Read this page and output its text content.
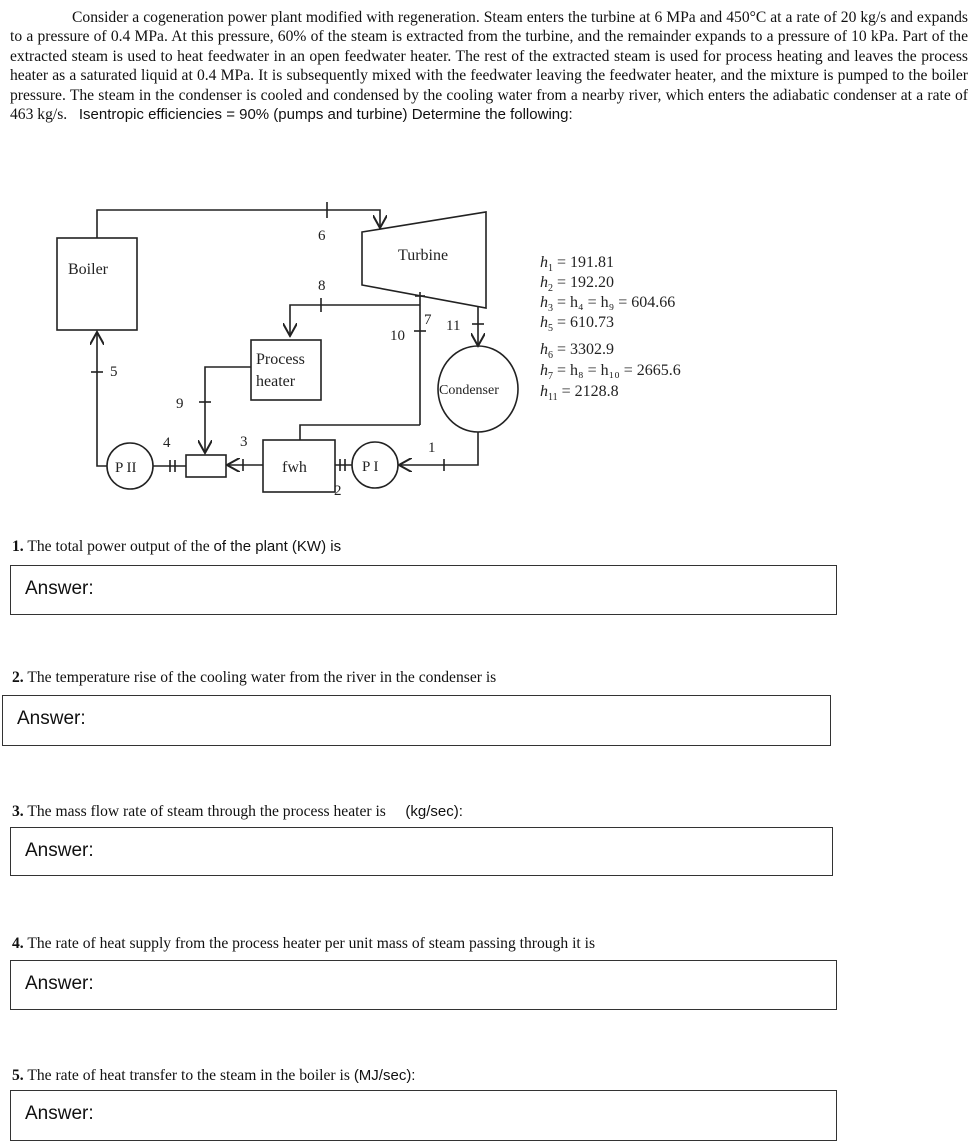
Consider a cogeneration power plant modified with regeneration. Steam enters the turbine at 6 MPa and 450°C at a rate of 20 kg/s and expands to a pressure of 0.4 MPa. At this pressure, 60% of the steam is extracted from the turbine, and the remainder expands to a pressure of 10 kPa. Part of the extracted steam is used to heat feedwater in an open feedwater heater. The rest of the extracted steam is used for process heating and leaves the process heater as a saturated liquid at 0.4 MPa. It is subsequently mixed with the feedwater leaving the feedwater heater, and the mixture is pumped to the boiler pressure. The steam in the condenser is cooled and condensed by the cooling water from a nearby river, which enters the adiabatic condenser at a rate of 463 kg/s. Isentropic efficiencies = 90% (pumps and turbine) Determine the following:
Boiler
6
Turbine
8
7
10
Process
heater
9
11
Condenser
1
P I
2
fwh
3
4
P II
5
$h_1 = 191.81$
$h_2 = 192.20$
$h_3 = h_4 = h_9 = 604.66$
$h_5 = 610.73$
$h_6 = 3302.9$
$h_7 = h_8 = h_{10} = 2665.6$
$h_{11} = 2128.8$
1. The total power output of the of the plant (KW) is
Answer:
2. The temperature rise of the cooling water from the river in the condenser is
Answer:
3. The mass flow rate of steam through the process heater is     (kg/sec):
Answer:
4. The rate of heat supply from the process heater per unit mass of steam passing through it is
Answer:
5. The rate of heat transfer to the steam in the boiler is (MJ/sec):
Answer:
